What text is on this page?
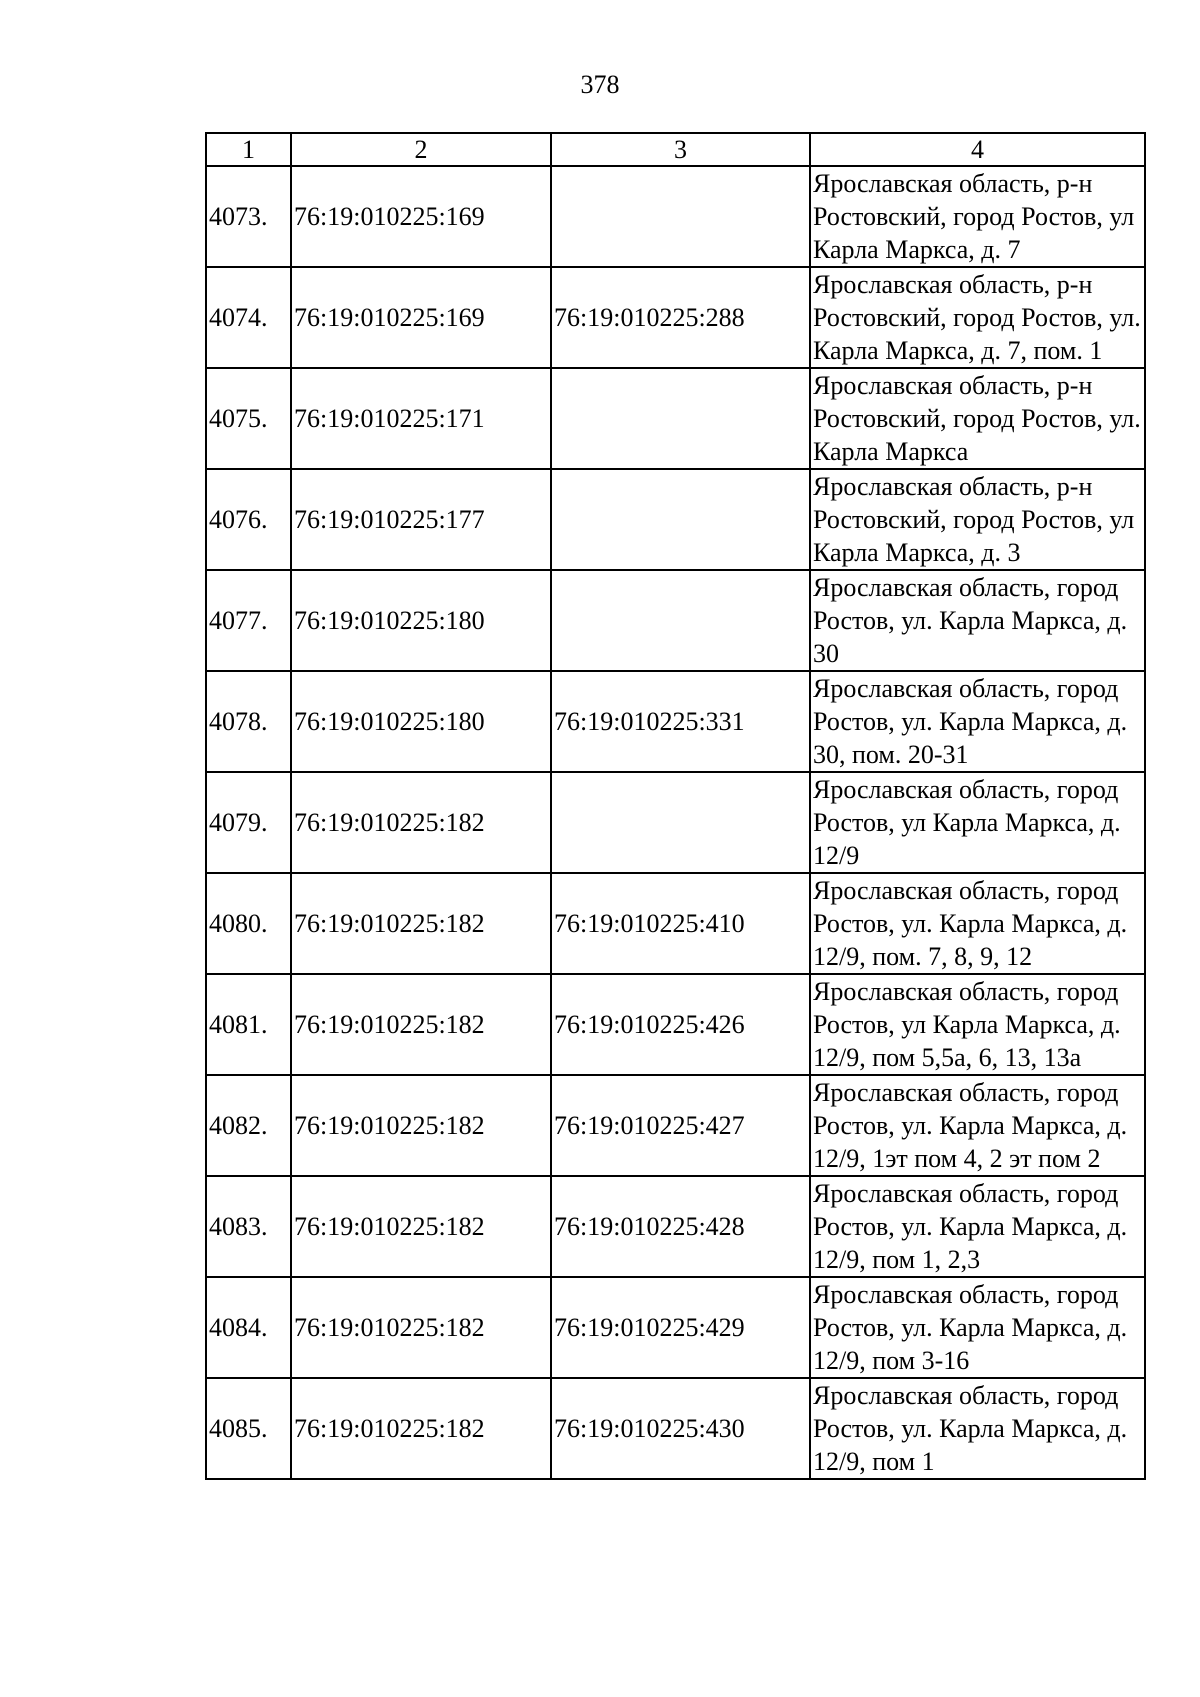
378
1	2	3	4
4073.	76:19:010225:169		Ярославская область, р-н Ростовский, город Ростов, ул Карла Маркса, д. 7
4074.	76:19:010225:169	76:19:010225:288	Ярославская область, р-н Ростовский, город Ростов, ул. Карла Маркса, д. 7, пом. 1
4075.	76:19:010225:171		Ярославская область, р-н Ростовский, город Ростов, ул. Карла Маркса
4076.	76:19:010225:177		Ярославская область, р-н Ростовский, город Ростов, ул Карла Маркса, д. 3
4077.	76:19:010225:180		Ярославская область, город Ростов, ул. Карла Маркса, д. 30
4078.	76:19:010225:180	76:19:010225:331	Ярославская область, город Ростов, ул. Карла Маркса, д. 30, пом. 20-31
4079.	76:19:010225:182		Ярославская область, город Ростов, ул Карла Маркса, д. 12/9
4080.	76:19:010225:182	76:19:010225:410	Ярославская область, город Ростов, ул. Карла Маркса, д. 12/9, пом. 7, 8, 9, 12
4081.	76:19:010225:182	76:19:010225:426	Ярославская область, город Ростов, ул Карла Маркса, д. 12/9, пом 5,5а, 6, 13, 13а
4082.	76:19:010225:182	76:19:010225:427	Ярославская область, город Ростов, ул. Карла Маркса, д. 12/9, 1эт пом 4, 2 эт пом 2
4083.	76:19:010225:182	76:19:010225:428	Ярославская область, город Ростов, ул. Карла Маркса, д. 12/9, пом 1, 2,3
4084.	76:19:010225:182	76:19:010225:429	Ярославская область, город Ростов, ул. Карла Маркса, д. 12/9, пом 3-16
4085.	76:19:010225:182	76:19:010225:430	Ярославская область, город Ростов, ул. Карла Маркса, д. 12/9, пом 1
